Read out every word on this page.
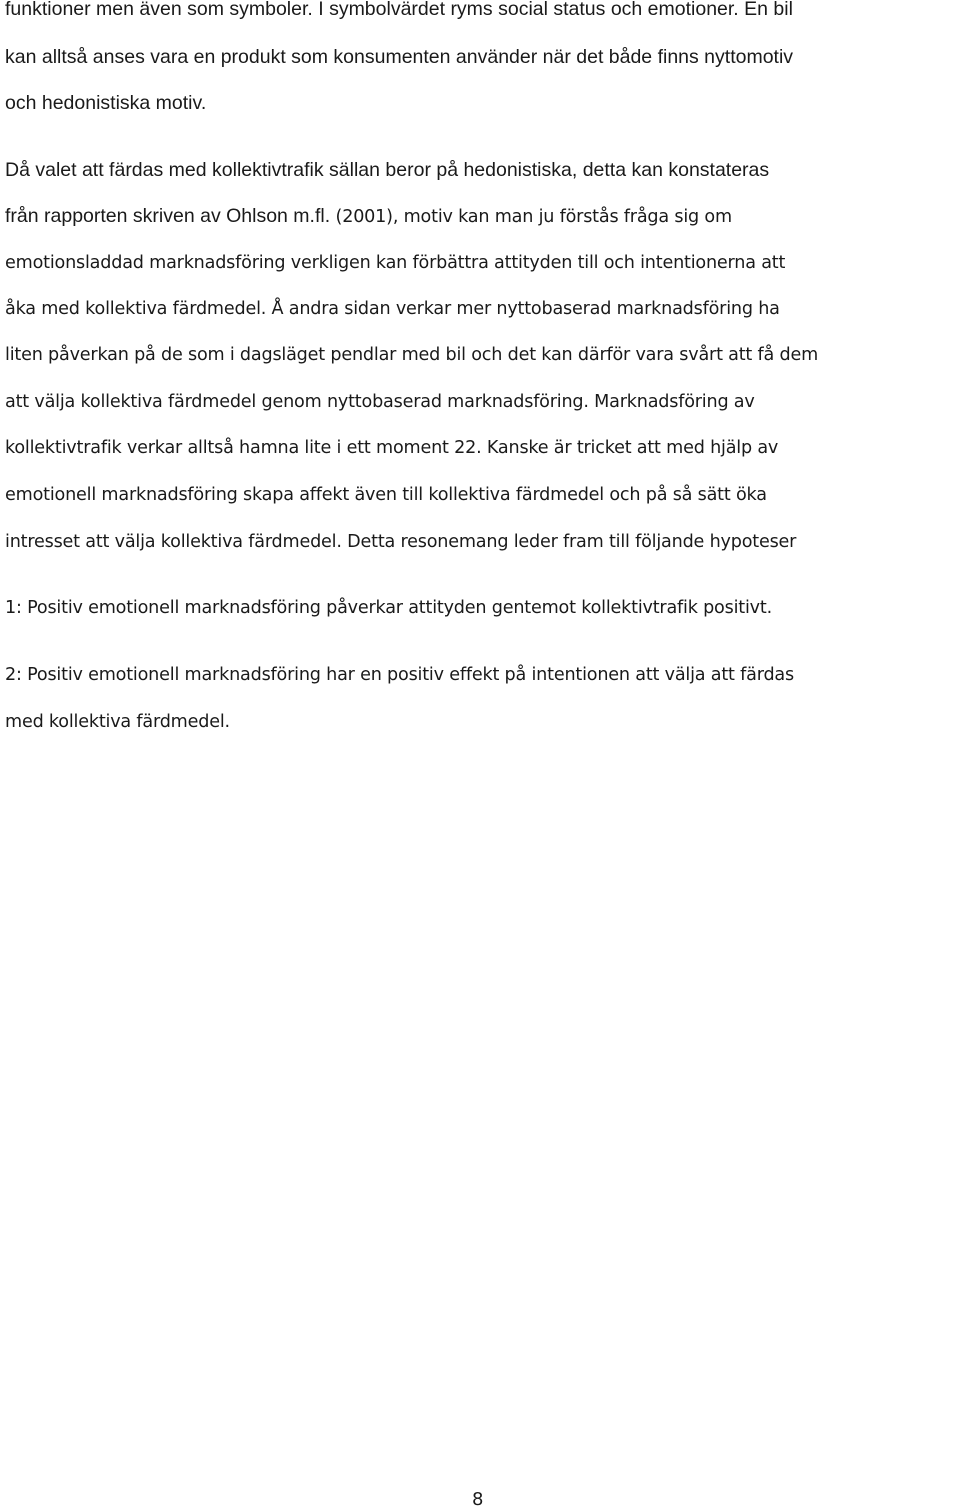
funktioner men även som symboler. I symbolvärdet ryms social status och emotioner. En bil
kan alltså anses vara en produkt som konsumenten använder när det både finns nyttomotiv
och hedonistiska motiv.
Då valet att färdas med kollektivtrafik sällan beror på hedonistiska, detta kan konstateras
från rapporten skriven av Ohlson m.fl. (2001), motiv kan man ju förstås fråga sig om
emotionsladdad marknadsföring verkligen kan förbättra attityden till och intentionerna att
åka med kollektiva färdmedel. Å andra sidan verkar mer nyttobaserad marknadsföring ha
liten påverkan på de som i dagsläget pendlar med bil och det kan därför vara svårt att få dem
att välja kollektiva färdmedel genom nyttobaserad marknadsföring. Marknadsföring av
kollektivtrafik verkar alltså hamna lite i ett moment 22. Kanske är tricket att med hjälp av
emotionell marknadsföring skapa affekt även till kollektiva färdmedel och på så sätt öka
intresset att välja kollektiva färdmedel. Detta resonemang leder fram till följande hypoteser
1: Positiv emotionell marknadsföring påverkar attityden gentemot kollektivtrafik positivt.
2: Positiv emotionell marknadsföring har en positiv effekt på intentionen att välja att färdas
med kollektiva färdmedel.
8
